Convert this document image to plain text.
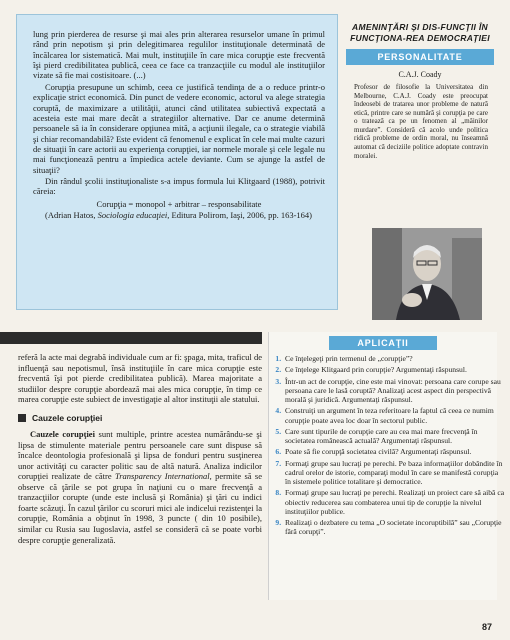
lung prin pierderea de resurse şi mai ales prin alterarea resurselor umane în primul rând prin nepotism şi prin delegitimarea regulilor instituţionale determinată de încălcarea lor sistematică. Mai mult, instituţiile în care mica corupţie este frecventă îşi pierd credibilitatea publică, ceea ce face ca tranzacţiile cu modul ale instituţiilor vizate să fie mai costisitoare. (...)

Corupţia presupune un schimb, ceea ce justifică tendinţa de a o reduce printr-o explicaţie strict economică. Din punct de vedere economic, actorul va alege strategia coruptă, de maximizare a utilităţii, atunci când utilitatea subiectivă expectată a acesteia este mai mare decât a strategiilor alternative. Dar ce anume determină persoanele să ia în considerare opţiunea mită, a acţiunii ilegale, ca o strategie viabilă şi chiar recomandabilă? Este evident că fenomenul e explicat în cele mai multe cazuri de situaţii în care actorii au experienţa corupţiei, iar normele morale şi cele legale nu mai funcţionează pentru a împiedica actele deviante. Cum se ajunge la astfel de situaţii?

Din rândul şcolii instituţionaliste s-a impus formula lui Klitgaard (1988), potrivit căreia:

Corupţia = monopol + arbitrar – responsabilitate

(Adrian Hatos, Sociologia educaţiei, Editura Polirom, Iaşi, 2006, pp. 163-164)

AMENINŢĂRI ŞI DIS-FUNCŢII ÎN FUNCŢIONA-REA DEMOCRAŢIEI
PERSONALITATE
C.A.J. Coady
Profesor de filosofie la Universitatea din Melbourne, C.A.J. Coady este preocupat îndeosebi de tratarea unor probleme de natură etică, printre care se numără şi corupţia pe care o tratează ca pe un fenomen al „mâinilor murdare”. Consideră că acolo unde politica ridică probleme de ordin moral, nu înseamnă automat că deciziile politice adoptate contravin moralei.

referă la acte mai degrabă individuale cum ar fi: şpaga, mita, traficul de influenţă sau nepotismul, însă instituţiile în care mica corupţie este frecventă îşi pot pierde credibilitatea publică). Marea majoritate a studiilor despre corupţie abordează mai ales mica corupţie, în timp ce marea corupţie este subiect de investigaţie al altor instituţii ale statului.

Cauzele corupţiei

Cauzele corupţiei sunt multiple, printre acestea numărându-se şi lipsa de stimulente materiale pentru persoanele care sunt dispuse să încalce deontologia profesională şi lipsa de fonduri pentru susţinerea unor activităţi cu caracter politic sau de altă natură. Analiza indicilor corupţiei realizate de către Transparency International, permite să se observe că ţările se pot grupa în naţiuni cu o mare frecvenţă a tranzacţiilor corupte (unde este inclusă şi România) şi ţări cu indici foarte scăzuţi. În cazul ţărilor cu scoruri mici ale indicelui rezistenţei la corupţie, România a obţinut în 1998, 3 puncte ( din 10 posibile), similar cu Rusia sau Iugoslavia, astfel se consideră că se poate vorbi despre corupţie generalizată.

APLICAŢII
1. Ce înţelegeţi prin termenul de „corupţie”?
2. Ce înţelege Klitgaard prin corupţie? Argumentaţi răspunsul.
3. Într-un act de corupţie, cine este mai vinovat: persoana care corupe sau persoana care le lasă coruptă? Analizaţi acest aspect din perspectivă morală şi juridică. Argumentaţi răspunsul.
4. Construiţi un argument în teza referitoare la faptul că ceea ce numim corupţie poate avea loc doar în sectorul public.
5. Care sunt tipurile de corupţie care au cea mai mare frecvenţă în societatea românească actuală? Argumentaţi răspunsul.
6. Poate să fie corupţă societatea civilă? Argumentaţi răspunsul.
7. Formaţi grupe sau lucraţi pe perechi. Pe baza informaţiilor dobândite în cadrul orelor de istorie, comparaţi modul în care se manifestă corupţia în sistemele politice totalitare şi democratice.
8. Formaţi grupe sau lucraţi pe perechi. Realizaţi un proiect care să aibă ca obiectiv reducerea sau combaterea unui tip de corupţie la nivelul instituţiilor publice.
9. Realizaţi o dezbatere cu tema „O societate incoruptibilă” sau „Corupţie fără corupţi”.
87
